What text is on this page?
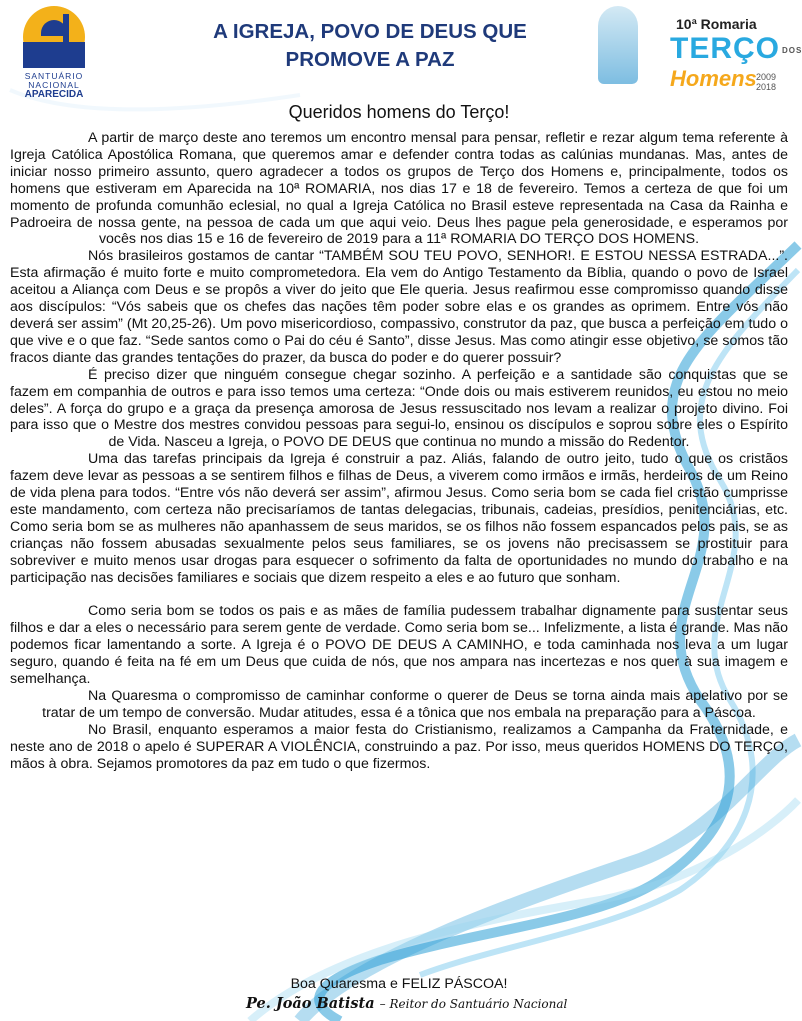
SANTUÁRIO
NACIONAL
APARECIDA
A IGREJA, POVO DE DEUS QUE
PROMOVE A PAZ
10ª Romaria
TERÇO DOS
Homens 2009
2018
Queridos homens do Terço!

A partir de março deste ano teremos um encontro mensal para pensar, refletir e rezar algum tema referente à Igreja Católica Apostólica Romana, que queremos amar e defender contra todas as calúnias mundanas. Mas, antes de iniciar nosso primeiro assunto, quero agradecer a todos os grupos de Terço dos Homens e, principalmente, todos os homens que estiveram em Aparecida na 10ª ROMARIA, nos dias 17 e 18 de fevereiro. Temos a certeza de que foi um momento de profunda comunhão eclesial, no qual a Igreja Católica no Brasil esteve representada na Casa da Rainha e Padroeira de nossa gente, na pessoa de cada um que aqui veio. Deus lhes pague pela generosidade, e esperamos por vocês nos dias 15 e 16 de fevereiro de 2019 para a 11ª ROMARIA DO TERÇO DOS HOMENS.

Nós brasileiros gostamos de cantar “TAMBÉM SOU TEU POVO, SENHOR!. E ESTOU NESSA ESTRADA...”. Esta afirmação é muito forte e muito comprometedora. Ela vem do Antigo Testamento da Bíblia, quando o povo de Israel aceitou a Aliança com Deus e se propôs a viver do jeito que Ele queria. Jesus reafirmou esse compromisso quando disse aos discípulos: “Vós sabeis que os chefes das nações têm poder sobre elas e os grandes as oprimem. Entre vós não deverá ser assim” (Mt 20,25-26). Um povo misericordioso, compassivo, construtor da paz, que busca a perfeição em tudo o que vive e o que faz. “Sede santos como o Pai do céu é Santo”, disse Jesus. Mas como atingir esse objetivo, se somos tão fracos diante das grandes tentações do prazer, da busca do poder e do querer possuir?

É preciso dizer que ninguém consegue chegar sozinho. A perfeição e a santidade são conquistas que se fazem em companhia de outros e para isso temos uma certeza: “Onde dois ou mais estiverem reunidos, eu estou no meio deles”. A força do grupo e a graça da presença amorosa de Jesus ressuscitado nos levam a realizar o projeto divino. Foi para isso que o Mestre dos mestres convidou pessoas para segui-lo, ensinou os discípulos e soprou sobre eles o Espírito de Vida. Nasceu a Igreja, o POVO DE DEUS que continua no mundo a missão do Redentor.

Uma das tarefas principais da Igreja é construir a paz. Aliás, falando de outro jeito, tudo o que os cristãos fazem deve levar as pessoas a se sentirem filhos e filhas de Deus, a viverem como irmãos e irmãs, herdeiros de um Reino de vida plena para todos. “Entre vós não deverá ser assim”, afirmou Jesus. Como seria bom se cada fiel cristão cumprisse este mandamento, com certeza não precisaríamos de tantas delegacias, tribunais, cadeias, presídios, penitenciárias, etc. Como seria bom se as mulheres não apanhassem de seus maridos, se os filhos não fossem espancados pelos pais, se as crianças não fossem abusadas sexualmente pelos seus familiares, se os jovens não precisassem se prostituir para sobreviver e muito menos usar drogas para esquecer o sofrimento da falta de oportunidades no mundo do trabalho e na participação nas decisões familiares e sociais que dizem respeito a eles e ao futuro que sonham.

Como seria bom se todos os pais e as mães de família pudessem trabalhar dignamente para sustentar seus filhos e dar a eles o necessário para serem gente de verdade. Como seria bom se... Infelizmente, a lista é grande. Mas não podemos ficar lamentando a sorte. A Igreja é o POVO DE DEUS A CAMINHO, e toda caminhada nos leva a um lugar seguro, quando é feita na fé em um Deus que cuida de nós, que nos ampara nas incertezas e nos quer à sua imagem e semelhança.

Na Quaresma o compromisso de caminhar conforme o querer de Deus se torna ainda mais apelativo por se tratar de um tempo de conversão. Mudar atitudes, essa é a tônica que nos embala na preparação para a Páscoa.

No Brasil, enquanto esperamos a maior festa do Cristianismo, realizamos a Campanha da Fraternidade, e neste ano de 2018 o apelo é SUPERAR A VIOLÊNCIA, construindo a paz. Por isso, meus queridos HOMENS DO TERÇO, mãos à obra. Sejamos promotores da paz em tudo o que fizermos.

Boa Quaresma e FELIZ PÁSCOA!
Pe. João Batista – Reitor do Santuário Nacional
